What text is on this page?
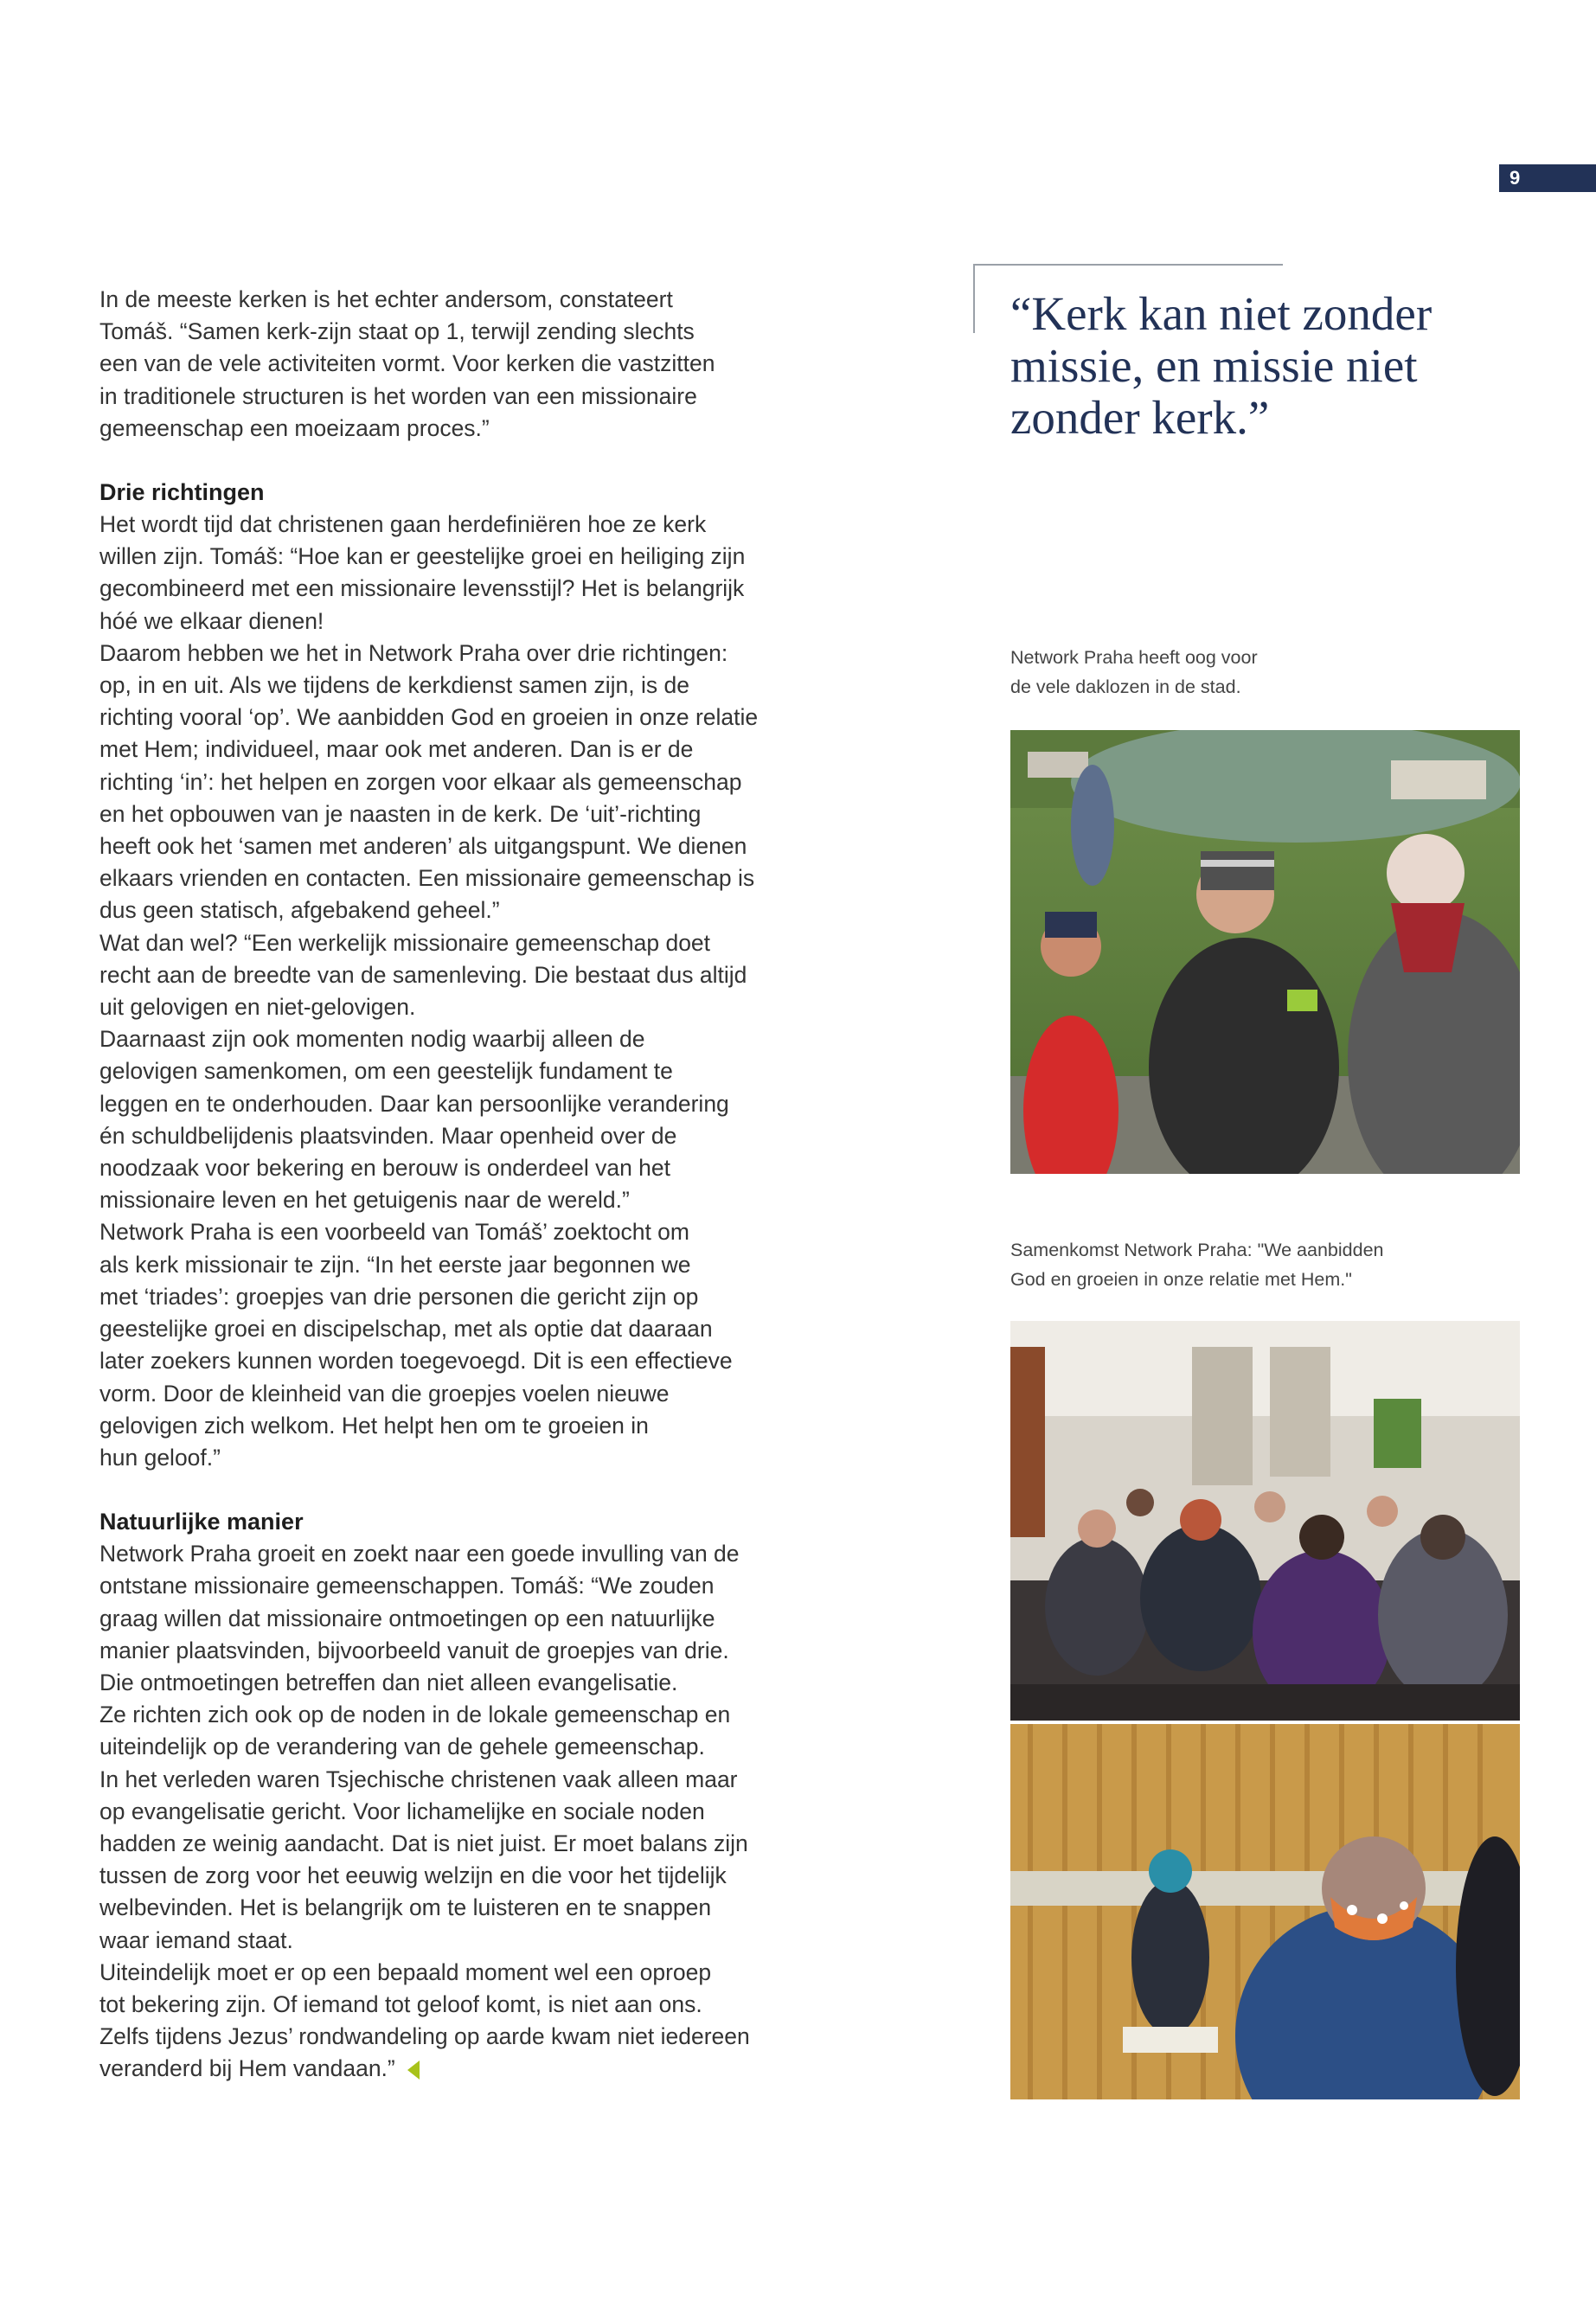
9

In de meeste kerken is het echter andersom, constateert

Tomáš. “Samen kerk-zijn staat op 1, terwijl zending slechts

een van de vele activiteiten vormt. Voor kerken die vastzitten

in traditionele structuren is het worden van een missionaire

gemeenschap een moeizaam proces.”

Drie richtingen

Het wordt tijd dat christenen gaan herdefiniëren hoe ze kerk

willen zijn. Tomáš: “Hoe kan er geestelijke groei en heiliging zijn

gecombineerd met een missionaire levensstijl? Het is belangrijk

hóé we elkaar dienen!

Daarom hebben we het in Network Praha over drie richtingen:

op, in en uit. Als we tijdens de kerkdienst samen zijn, is de

richting vooral ‘op’. We aanbidden God en groeien in onze relatie

met Hem; individueel, maar ook met anderen. Dan is er de

richting ‘in’: het helpen en zorgen voor elkaar als gemeenschap

en het opbouwen van je naasten in de kerk. De ‘uit’-richting

heeft ook het ‘samen met anderen’ als uitgangspunt. We dienen

elkaars vrienden en contacten. Een missionaire gemeenschap is

dus geen statisch, afgebakend geheel.”

Wat dan wel? “Een werkelijk missionaire gemeenschap doet

recht aan de breedte van de samenleving. Die bestaat dus altijd

uit gelovigen en niet-gelovigen.

Daarnaast zijn ook momenten nodig waarbij alleen de

gelovigen samenkomen, om een geestelijk fundament te

leggen en te onderhouden. Daar kan persoonlijke verandering

én schuldbelijdenis plaatsvinden. Maar openheid over de

noodzaak voor bekering en berouw is onderdeel van het

missionaire leven en het getuigenis naar de wereld.”

Network Praha is een voorbeeld van Tomáš’ zoektocht om

als kerk missionair te zijn. “In het eerste jaar begonnen we

met ‘triades’: groepjes van drie personen die gericht zijn op

geestelijke groei en discipelschap, met als optie dat daaraan

later zoekers kunnen worden toegevoegd. Dit is een effectieve

vorm. Door de kleinheid van die groepjes voelen nieuwe

gelovigen zich welkom. Het helpt hen om te groeien in

hun geloof.”

Natuurlijke manier

Network Praha groeit en zoekt naar een goede invulling van de

ontstane missionaire gemeenschappen. Tomáš: “We zouden

graag willen dat missionaire ontmoetingen op een natuurlijke

manier plaatsvinden, bijvoorbeeld vanuit de groepjes van drie.

Die ontmoetingen betreffen dan niet alleen evangelisatie.

Ze richten zich ook op de noden in de lokale gemeenschap en

uiteindelijk op de verandering van de gehele gemeenschap.

In het verleden waren Tsjechische christenen vaak alleen maar

op evangelisatie gericht. Voor lichamelijke en sociale noden

hadden ze weinig aandacht. Dat is niet juist. Er moet balans zijn

tussen de zorg voor het eeuwig welzijn en die voor het tijdelijk

welbevinden. Het is belangrijk om te luisteren en te snappen

waar iemand staat.

Uiteindelijk moet er op een bepaald moment wel een oproep

tot bekering zijn. Of iemand tot geloof komt, is niet aan ons.

Zelfs tijdens Jezus’ rondwandeling op aarde kwam niet iedereen

veranderd bij Hem vandaan.”

“Kerk kan niet zonder
missie, en missie niet
zonder kerk.”
Network Praha heeft oog voor
de vele daklozen in de stad.
Samenkomst Network Praha: "We aanbidden
God en groeien in onze relatie met Hem."
